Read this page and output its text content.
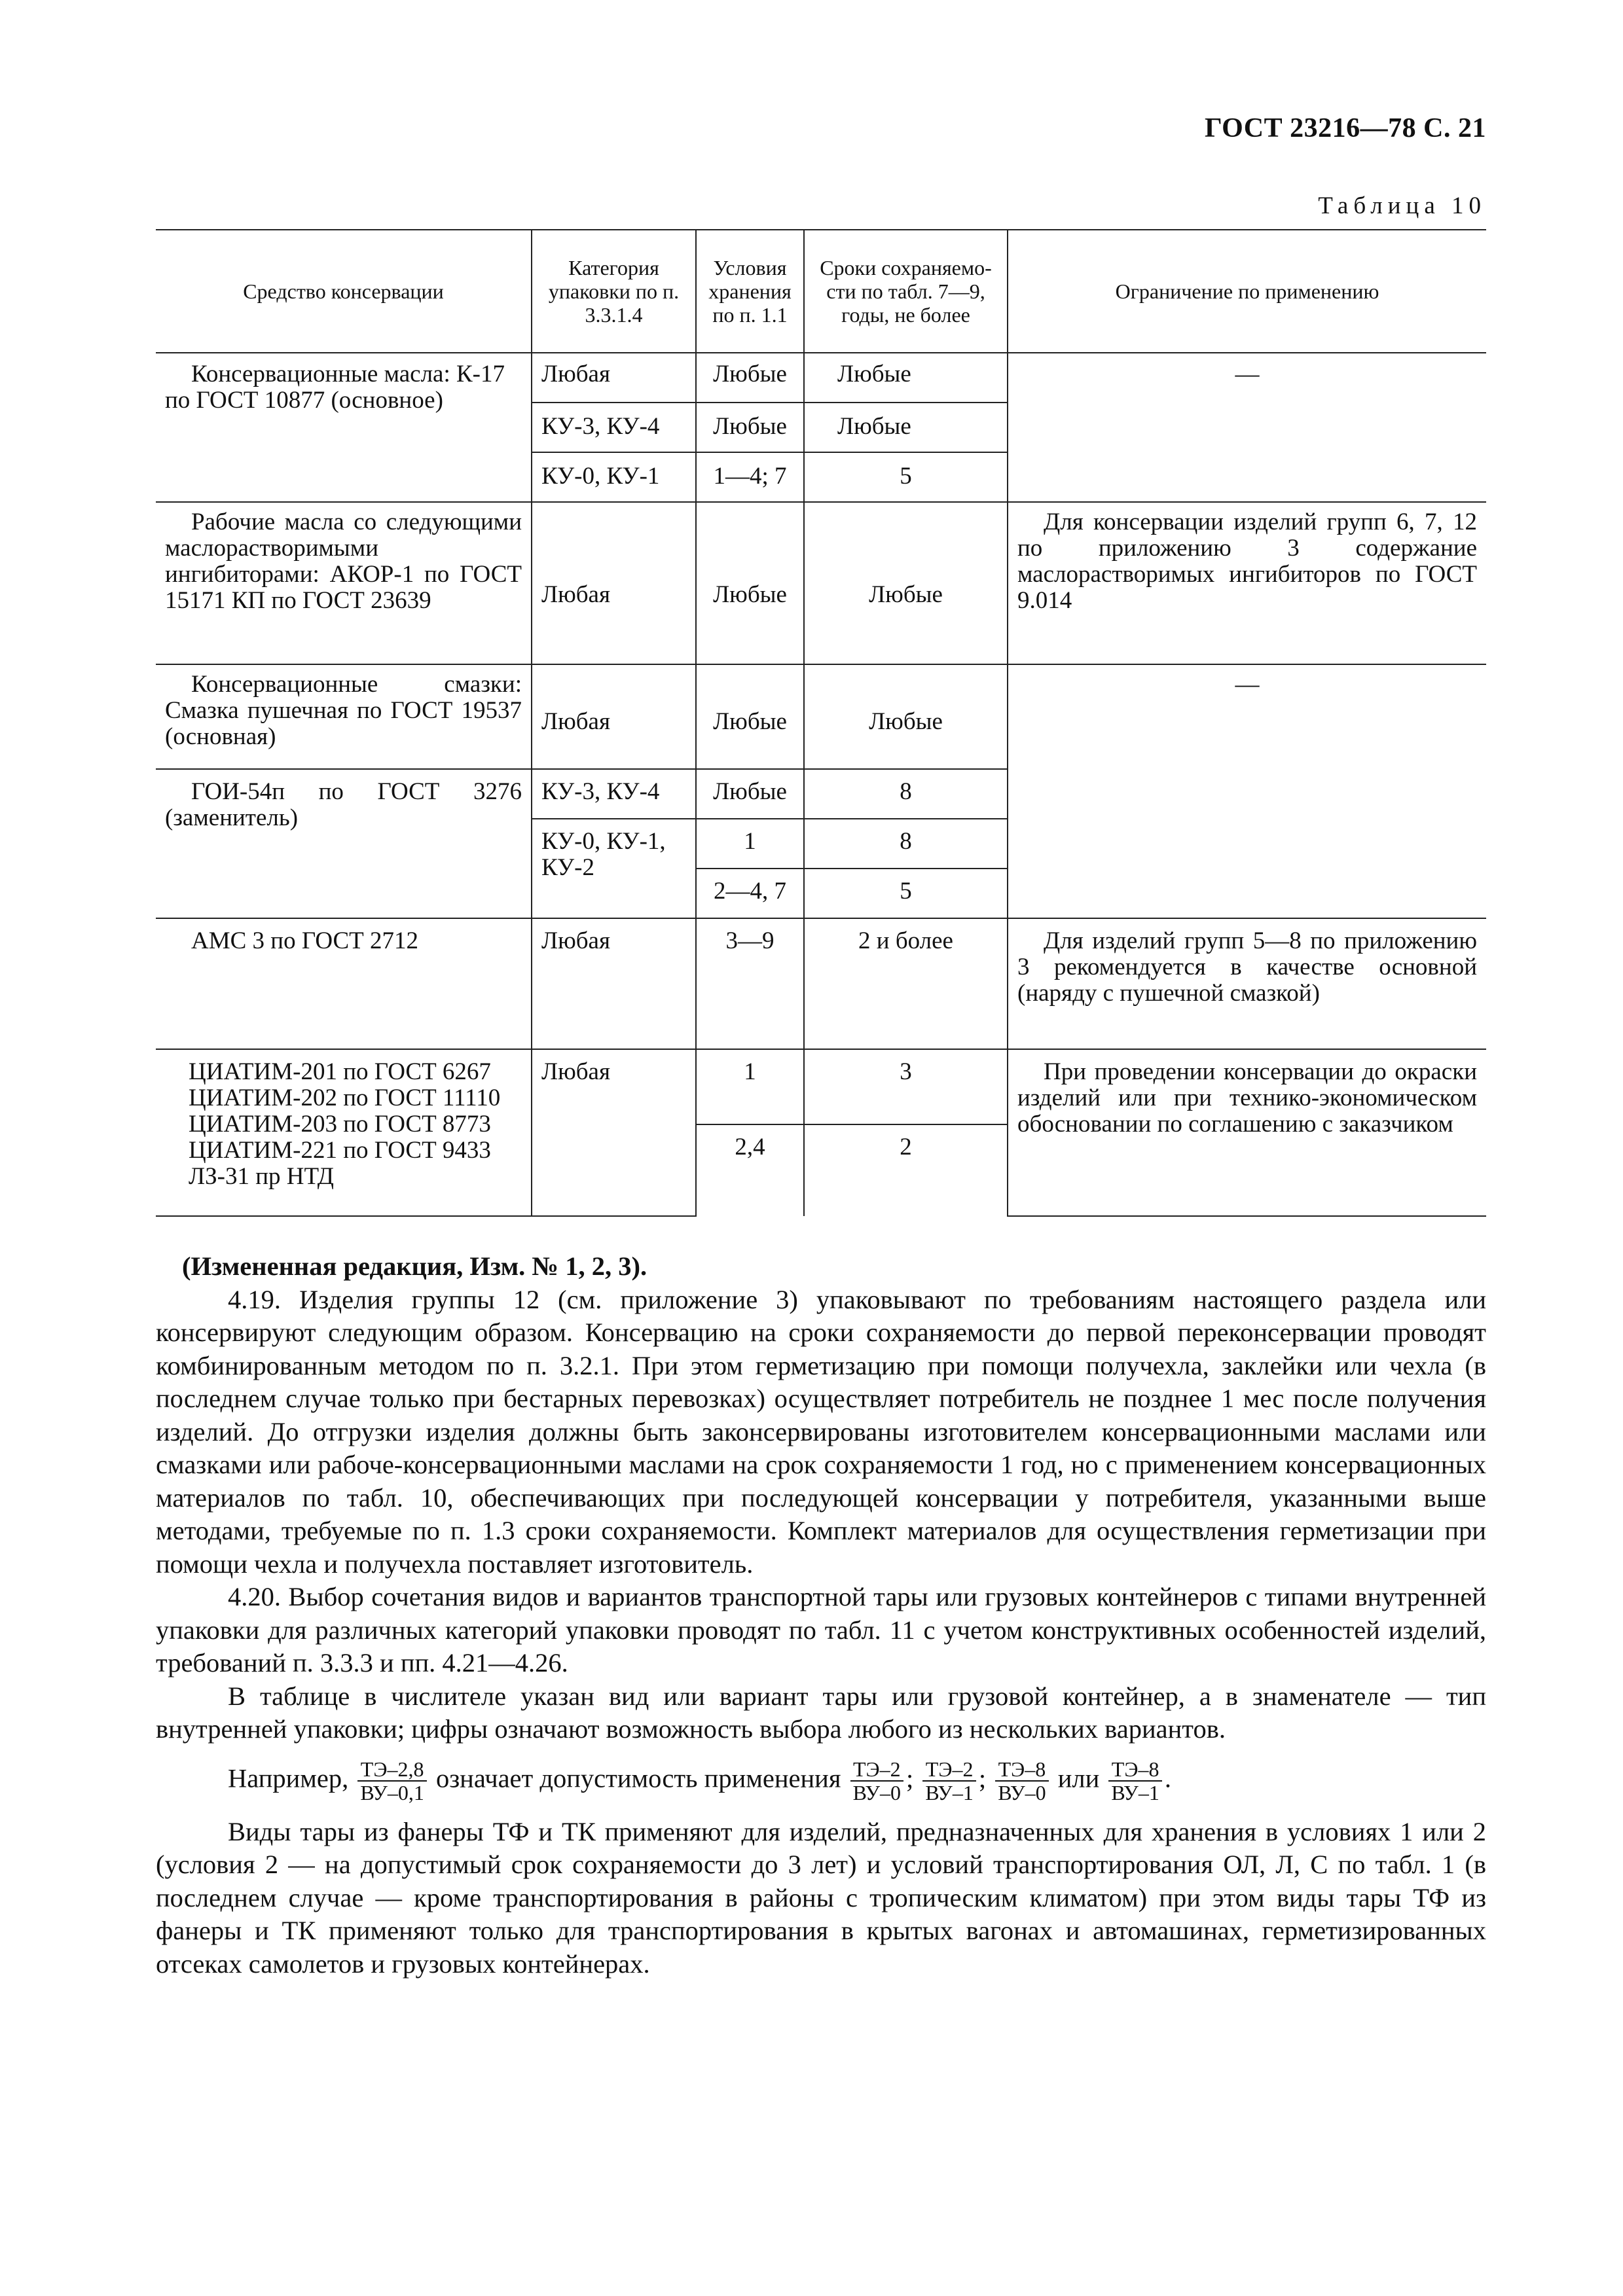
ГОСТ 23216—78 С. 21
Таблица 10
Средство консервации	Категория упаковки по п. 3.3.1.4	Условия хранения по п. 1.1	Сроки сохраняемо-сти по табл. 7—9, годы, не более	Ограничение по применению
Консервационные масла: К-17 по ГОСТ 10877 (основное)	Любая	Любые	Любые	—
	КУ-3, КУ-4	Любые	Любые	
	КУ-0, КУ-1	1—4; 7	5	
Рабочие масла со следующими маслорастворимыми ингибиторами: АКОР-1 по ГОСТ 15171 КП по ГОСТ 23639	Любая	Любые	Любые	Для консервации изделий групп 6, 7, 12 по приложению 3 содержание маслорастворимых ингибиторов по ГОСТ 9.014
Консервационные смазки: Смазка пушечная по ГОСТ 19537 (основная)	Любая	Любые	Любые	—
ГОИ-54п по ГОСТ 3276 (заменитель)	КУ-3, КУ-4	Любые	8	
	КУ-0, КУ-1, КУ-2	1	8	
		2—4, 7	5	
АМС 3 по ГОСТ 2712	Любая	3—9	2 и более	Для изделий групп 5—8 по приложению 3 рекомендуется в качестве основной (наряду с пушечной смазкой)

ЦИАТИМ-201 по ГОСТ 6267
ЦИАТИМ-202 по ГОСТ 11110
ЦИАТИМ-203 по ГОСТ 8773
ЦИАТИМ-221 по ГОСТ 9433
ЛЗ-31 пр НТД	Любая	1	3	При проведении консервации до окраски изделий или при технико-экономическом обосновании по соглашению с заказчиком
		2,4	2	

(Измененная редакция, Изм. № 1, 2, 3).

4.19. Изделия группы 12 (см. приложение 3) упаковывают по требованиям настоящего раздела или консервируют следующим образом. Консервацию на сроки сохраняемости до первой переконсервации проводят комбинированным методом по п. 3.2.1. При этом герметизацию при помощи получехла, заклейки или чехла (в последнем случае только при бестарных перевозках) осуществляет потребитель не позднее 1 мес после получения изделий. До отгрузки изделия должны быть законсервированы изготовителем консервационными маслами или смазками или рабоче-консервационными маслами на срок сохраняемости 1 год, но с применением консервационных материалов по табл. 10, обеспечивающих при последующей консервации у потребителя, указанными выше методами, требуемые по п. 1.3 сроки сохраняемости. Комплект материалов для осуществления герметизации при помощи чехла и получехла поставляет изготовитель.

4.20. Выбор сочетания видов и вариантов транспортной тары или грузовых контейнеров с типами внутренней упаковки для различных категорий упаковки проводят по табл. 11 с учетом конструктивных особенностей изделий, требований п. 3.3.3 и пп. 4.21—4.26.

В таблице в числителе указан вид или вариант тары или грузовой контейнер, а в знаменателе — тип внутренней упаковки; цифры означают возможность выбора любого из нескольких вариантов.

Например, $\frac{ТЭ-2,8}{ВУ-0,1}$ означает допустимость применения $\frac{ТЭ-2}{ВУ-0}$ ; $\frac{ТЭ-2}{ВУ-1}$ ; $\frac{ТЭ-8}{ВУ-0}$ или $\frac{ТЭ-8}{ВУ-1}$ .

Виды тары из фанеры ТФ и ТК применяют для изделий, предназначенных для хранения в условиях 1 или 2 (условия 2 — на допустимый срок сохраняемости до 3 лет) и условий транспортирования ОЛ, Л, С по табл. 1 (в последнем случае — кроме транспортирования в районы с тропическим климатом) при этом виды тары ТФ из фанеры и ТК применяют только для транспортирования в крытых вагонах и автомашинах, герметизированных отсеках самолетов и грузовых контейнерах.
